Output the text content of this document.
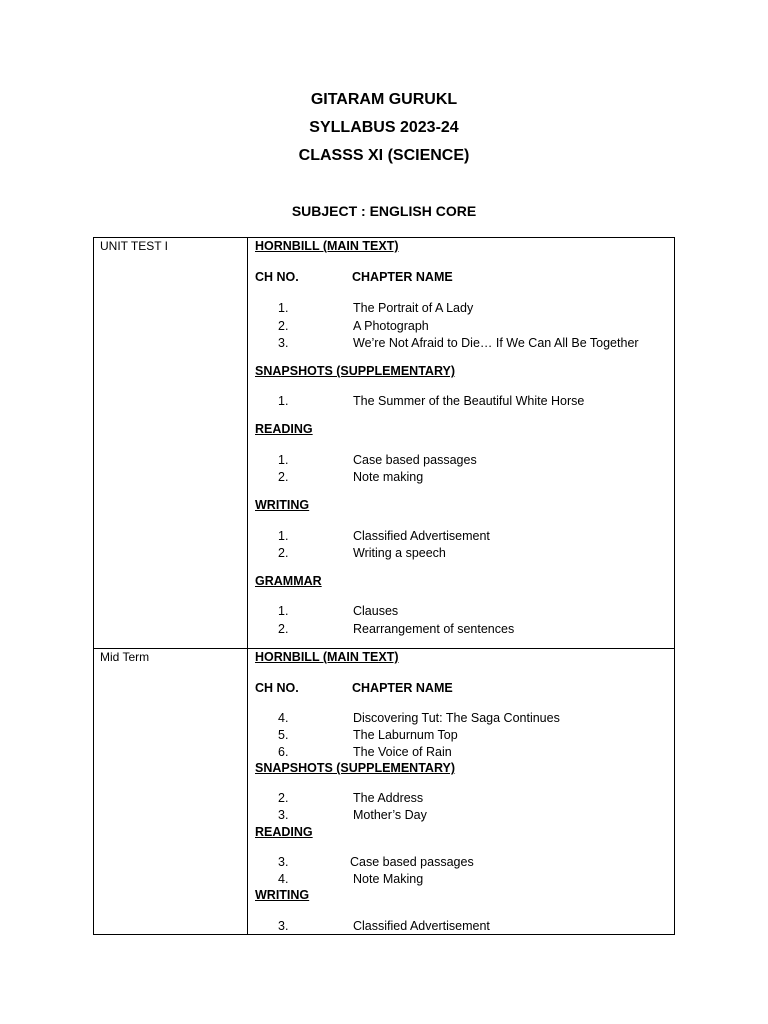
GITARAM GURUKL
SYLLABUS 2023-24
CLASSS XI (SCIENCE)
SUBJECT : ENGLISH CORE
UNIT TEST I	HORNBILL (MAIN TEXT)
CH NO.	CHAPTER NAME
1.	The Portrait of A Lady
2.	A Photograph
3.	We’re Not Afraid to Die… If We Can All Be Together
SNAPSHOTS (SUPPLEMENTARY)
1.	The Summer of the Beautiful White Horse
READING
1.	Case based passages
2.	Note making
WRITING
1.	Classified Advertisement
2.	Writing a speech
GRAMMAR
1.	Clauses
2.	Rearrangement of sentences
Mid Term	HORNBILL (MAIN TEXT)
CH NO.	CHAPTER NAME
4.	Discovering Tut: The Saga Continues
5.	The Laburnum Top
6.	The Voice of Rain
SNAPSHOTS (SUPPLEMENTARY)
2.	The Address
3.	Mother’s Day
READING
3.	Case based passages
4.	Note Making
WRITING
3.	Classified Advertisement
